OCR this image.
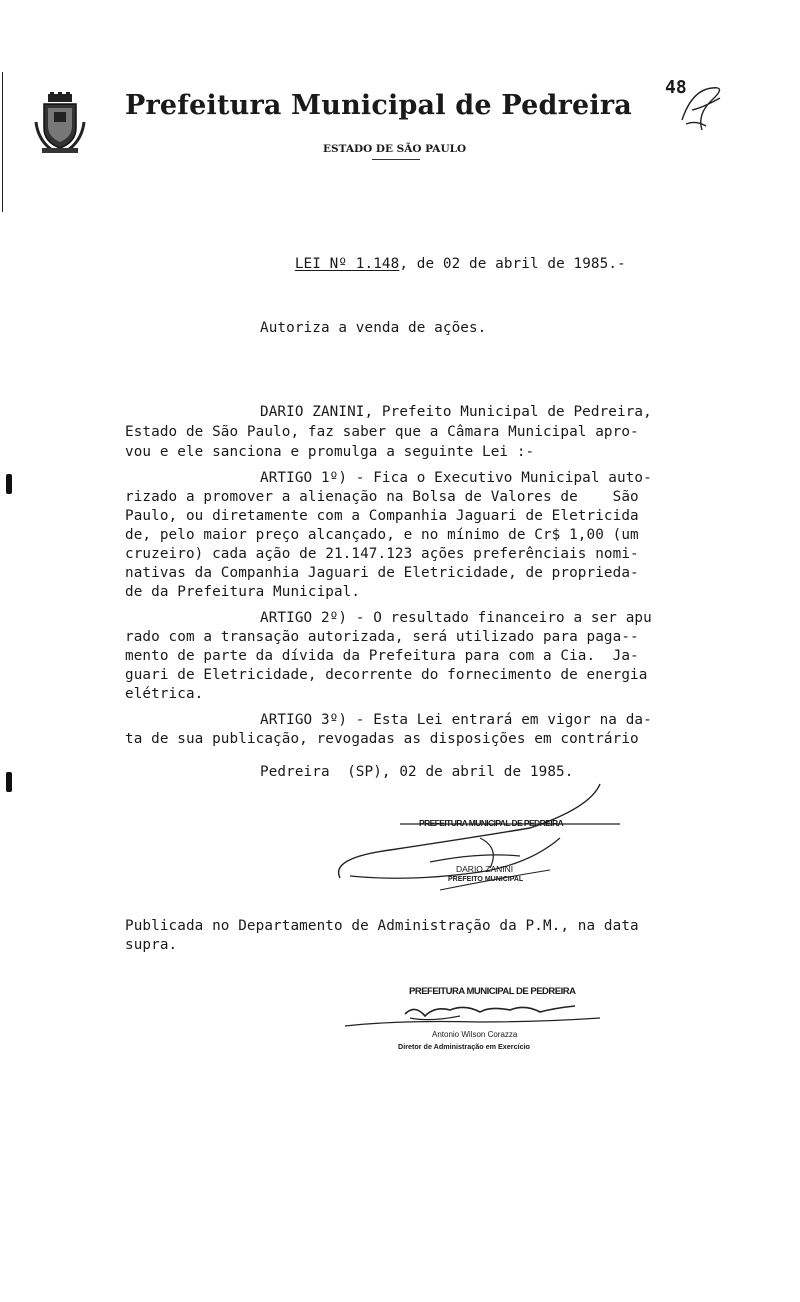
Prefeitura Municipal de Pedreira
ESTADO DE SÃO PAULO
48

LEI Nº 1.148, de 02 de abril de 1985.-

Autoriza a venda de ações.
DARIO ZANINI, Prefeito Municipal de Pedreira,
Estado de São Paulo, faz saber que a Câmara Municipal apro-
vou e ele sanciona e promulga a seguinte Lei :-
ARTIGO 1º) - Fica o Executivo Municipal auto-
rizado a promover a alienação na Bolsa de Valores de    São
Paulo, ou diretamente com a Companhia Jaguari de Eletricida
de, pelo maior preço alcançado, e no mínimo de Cr$ 1,00 (um
cruzeiro) cada ação de 21.147.123 ações preferênciais nomi-
nativas da Companhia Jaguari de Eletricidade, de proprieda-
de da Prefeitura Municipal.
ARTIGO 2º) - O resultado financeiro a ser apu
rado com a transação autorizada, será utilizado para paga--
mento de parte da dívida da Prefeitura para com a Cia.  Ja-
guari de Eletricidade, decorrente do fornecimento de energia
elétrica.
ARTIGO 3º) - Esta Lei entrará em vigor na da-
ta de sua publicação, revogadas as disposições em contrário
Pedreira  (SP), 02 de abril de 1985.
PREFEITURA MUNICIPAL DE PEDREIRA
DARIO ZANINI
PREFEITO MUNICIPAL
Publicada no Departamento de Administração da P.M., na data
supra.
PREFEITURA MUNICIPAL DE PEDREIRA
Antonio Wilson Corazza
Diretor de Administração em Exercício
